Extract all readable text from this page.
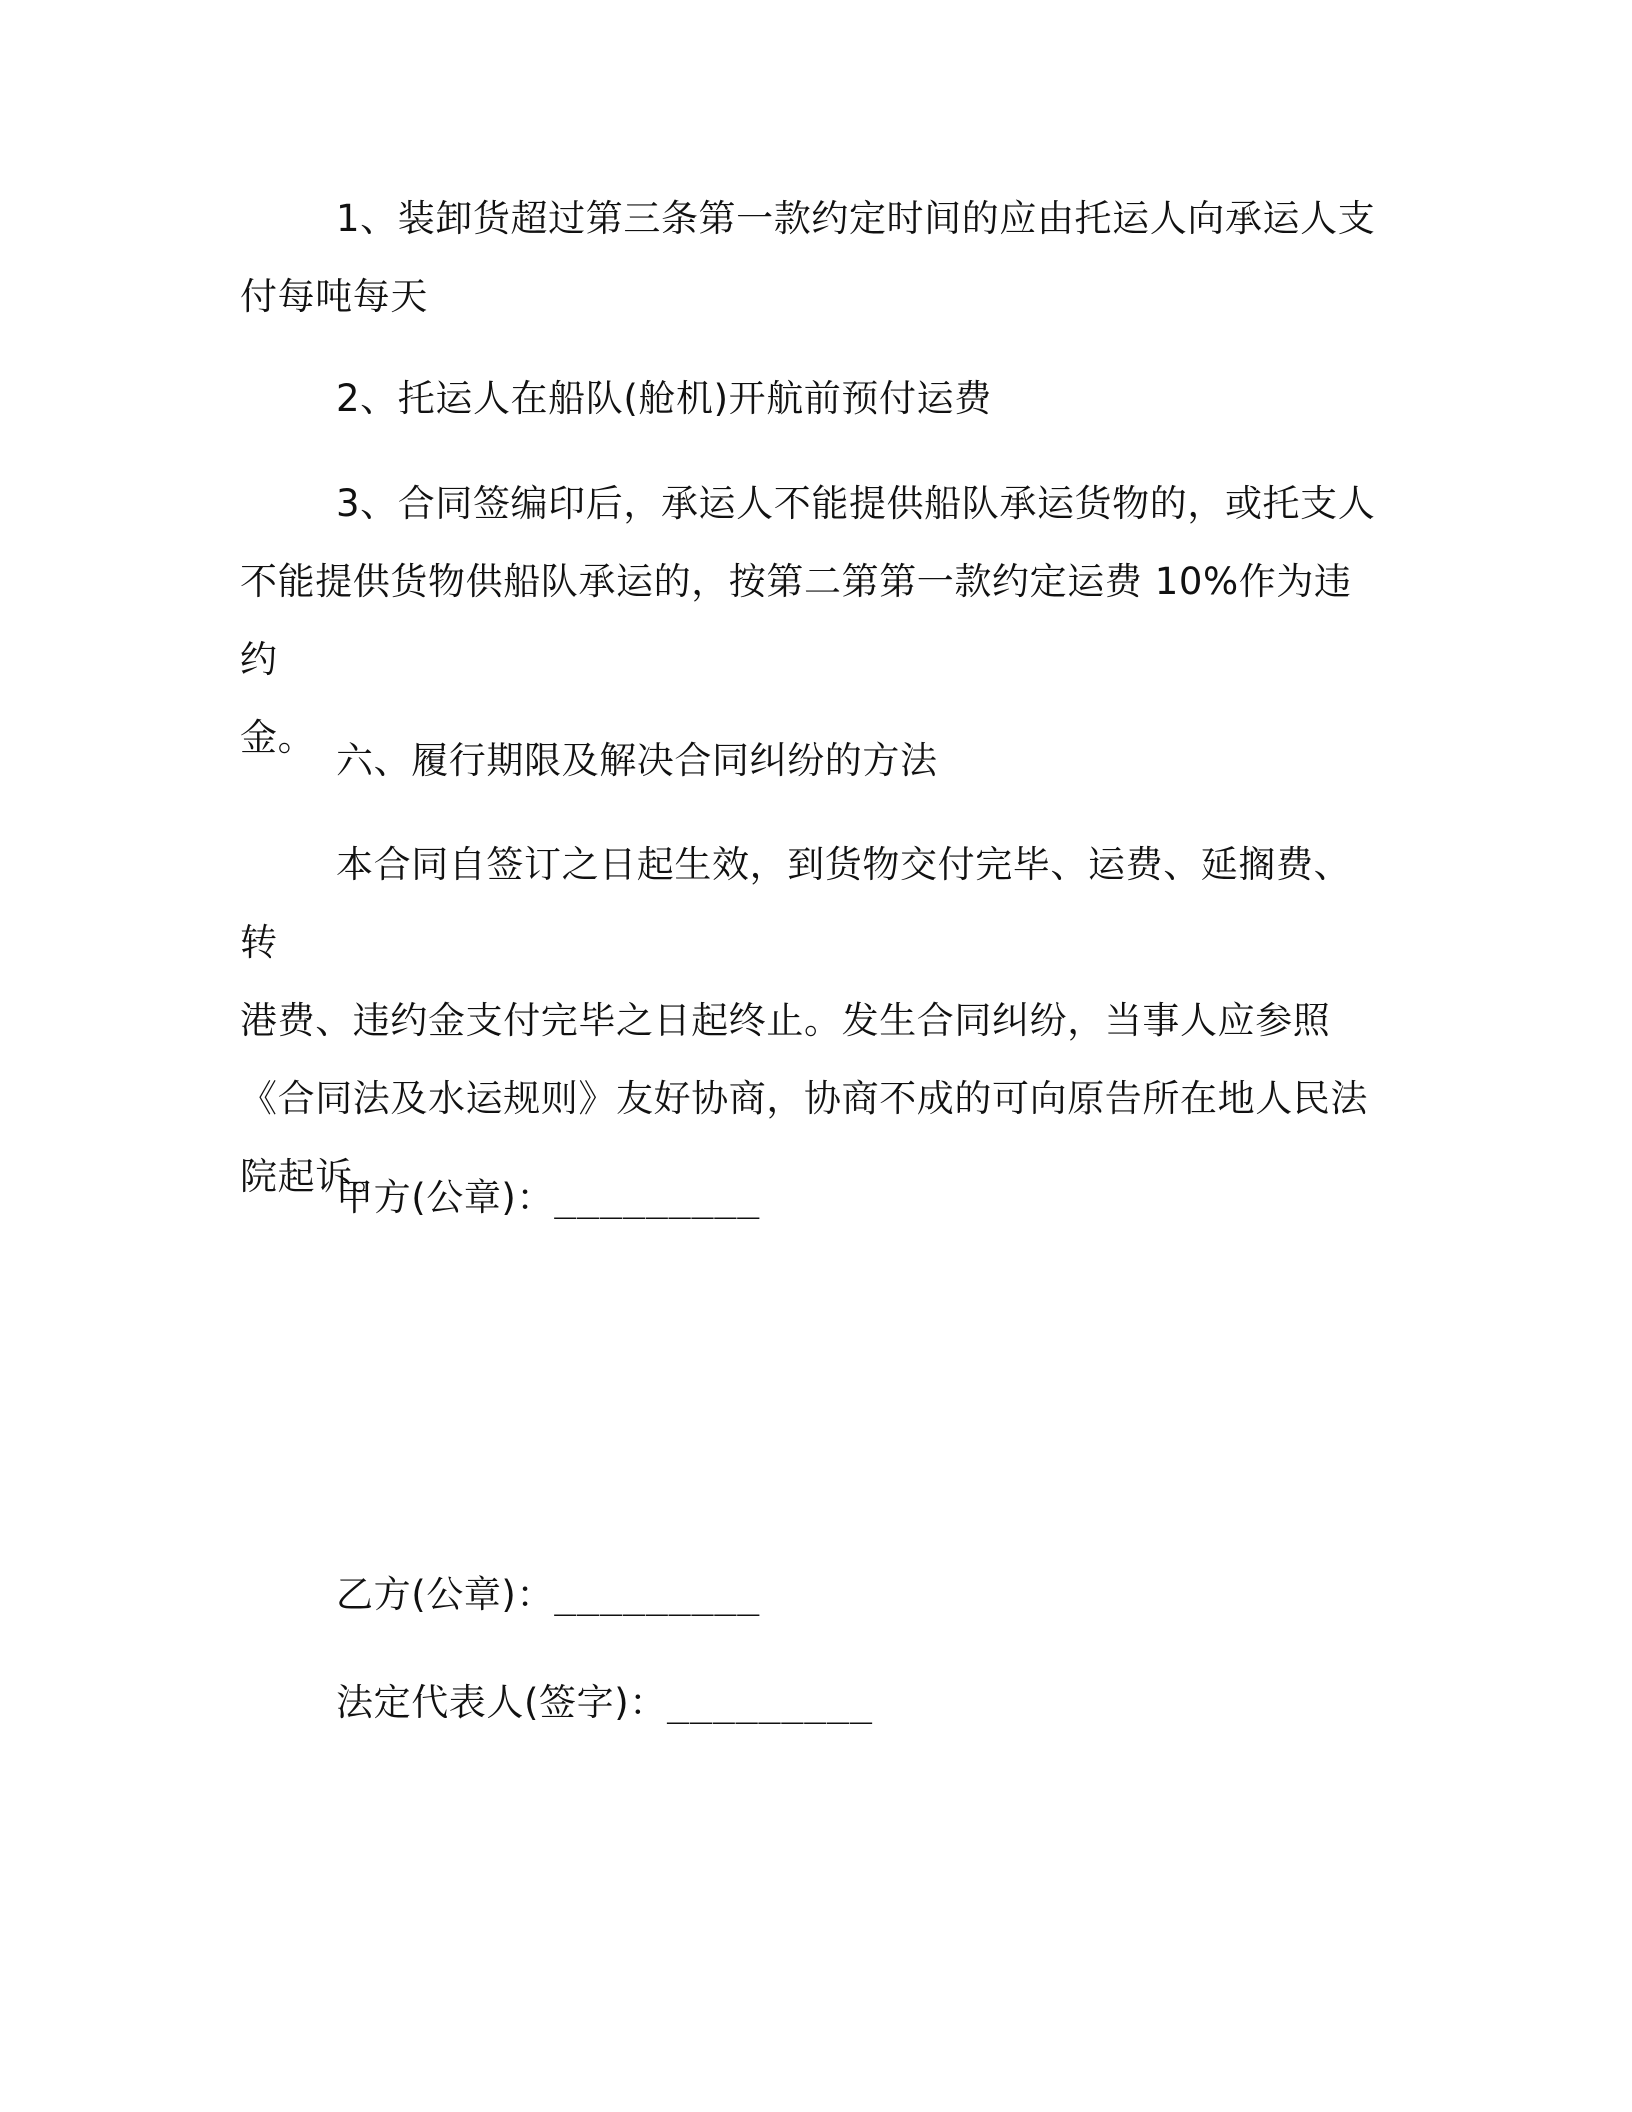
1、装卸货超过第三条第一款约定时间的应由托运人向承运人支
付每吨每天
2、托运人在船队(舱机)开航前预付运费
3、合同签编印后，承运人不能提供船队承运货物的，或托支人
不能提供货物供船队承运的，按第二第第一款约定运费 10%作为违约
金。
六、履行期限及解决合同纠纷的方法
本合同自签订之日起生效，到货物交付完毕、运费、延搁费、转
港费、违约金支付完毕之日起终止。发生合同纠纷，当事人应参照
《合同法及水运规则》友好协商，协商不成的可向原告所在地人民法
院起诉。
甲方(公章)：_________
乙方(公章)：_________
法定代表人(签字)：_________
